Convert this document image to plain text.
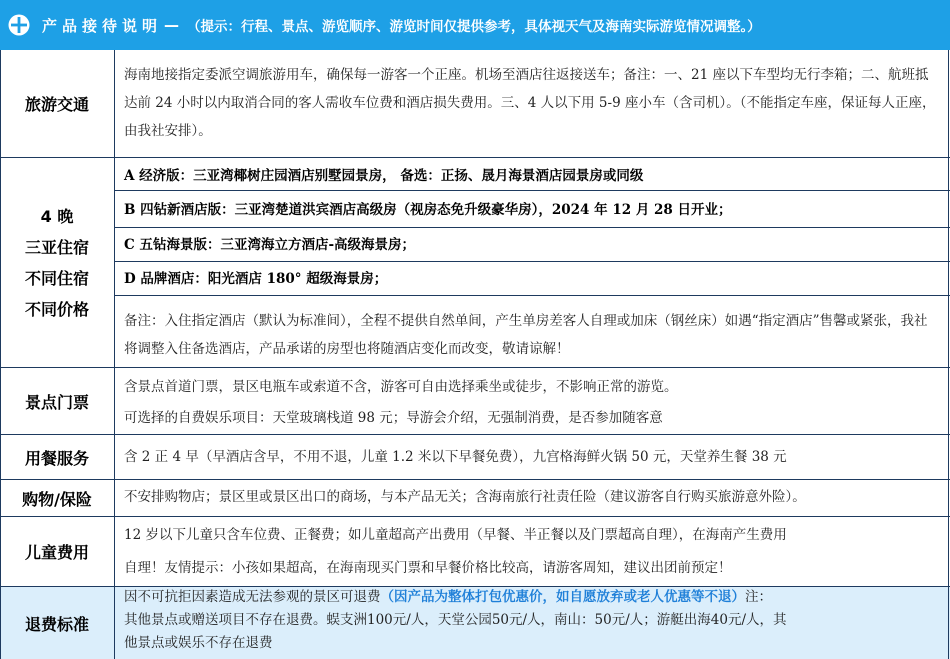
产品接待说明 — （提示：行程、景点、游览顺序、游览时间仅提供参考，具体视天气及海南实际游览情况调整。）
旅游交通
海南地接指定委派空调旅游用车，确保每一游客一个正座。机场至酒店往返接送车；备注：一、21 座以下车型均无行李箱；二、航班抵达前 24 小时以内取消合同的客人需收车位费和酒店损失费用。三、4 人以下用 5-9 座小车（含司机）。（不能指定车座，保证每人正座，由我社安排）。
4 晚
三亚住宿
不同住宿
不同价格
A 经济版：三亚湾椰树庄园酒店别墅园景房， 备选：正扬、晟月海景酒店园景房或同级
B 四钻新酒店版：三亚湾楚道洪宾酒店高级房（视房态免升级豪华房），2024 年 12 月 28 日开业；
C 五钻海景版：三亚湾海立方酒店-高级海景房；
D 品牌酒店：阳光酒店 180° 超级海景房；
备注：入住指定酒店（默认为标准间），全程不提供自然单间，产生单房差客人自理或加床（钢丝床）如遇“指定酒店”售馨或紧张，我社将调整入住备选酒店，产品承诺的房型也将随酒店变化而改变，敬请谅解！
景点门票
含景点首道门票，景区电瓶车或索道不含，游客可自由选择乘坐或徒步，不影响正常的游览。
可选择的自费娱乐项目：天堂玻璃栈道 98 元；导游会介绍，无强制消费，是否参加随客意
用餐服务	含 2 正 4 早（早酒店含早，不用不退，儿童 1.2 米以下早餐免费），九宫格海鲜火锅 50 元，天堂养生餐 38 元
购物/保险	不安排购物店；景区里或景区出口的商场，与本产品无关；含海南旅行社责任险（建议游客自行购买旅游意外险）。
儿童费用
12 岁以下儿童只含车位费、正餐费；如儿童超高产出费用（早餐、半正餐以及门票超高自理），在海南产生费用
自理！友情提示：小孩如果超高，在海南现买门票和早餐价格比较高，请游客周知，建议出团前预定！
退费标准
因不可抗拒因素造成无法参观的景区可退费（因产品为整体打包优惠价，如自愿放弃或老人优惠等不退）注：
其他景点或赠送项目不存在退费。蜈支洲100元/人，天堂公园50元/人，南山：50元/人；游艇出海40元/人，其
他景点或娱乐不存在退费
